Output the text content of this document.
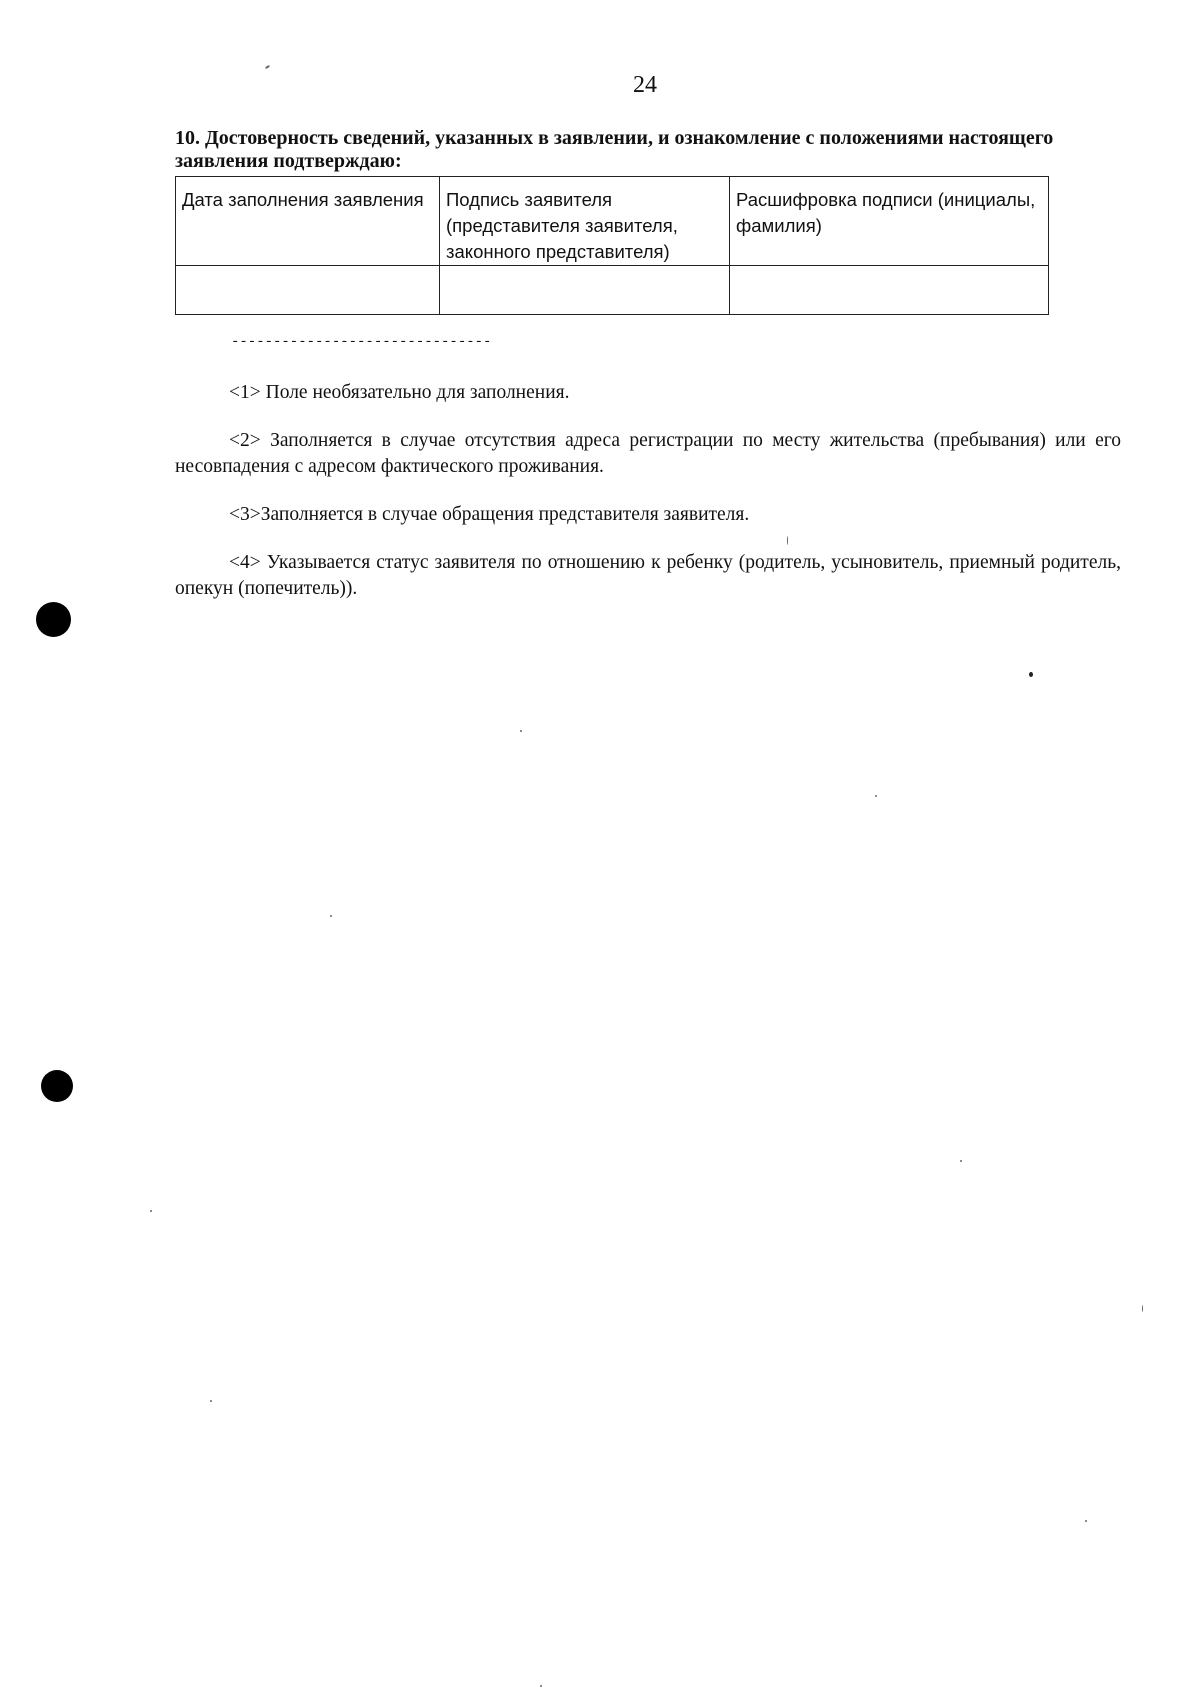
24
10. Достоверность сведений, указанных в заявлении, и ознакомление с положениями настоящего заявления подтверждаю:
Дата заполнения заявления	Подпись заявителя (представителя заявителя, законного представителя)	Расшифровка подписи (инициалы, фамилия)

-------------------------------

<1> Поле необязательно для заполнения.

<2> Заполняется в случае отсутствия адреса регистрации по месту жительства (пребывания) или его несовпадения с адресом фактического проживания.

<3>Заполняется в случае обращения представителя заявителя.

<4> Указывается статус заявителя по отношению к ребенку (родитель, усыновитель, приемный родитель, опекун (попечитель)).
